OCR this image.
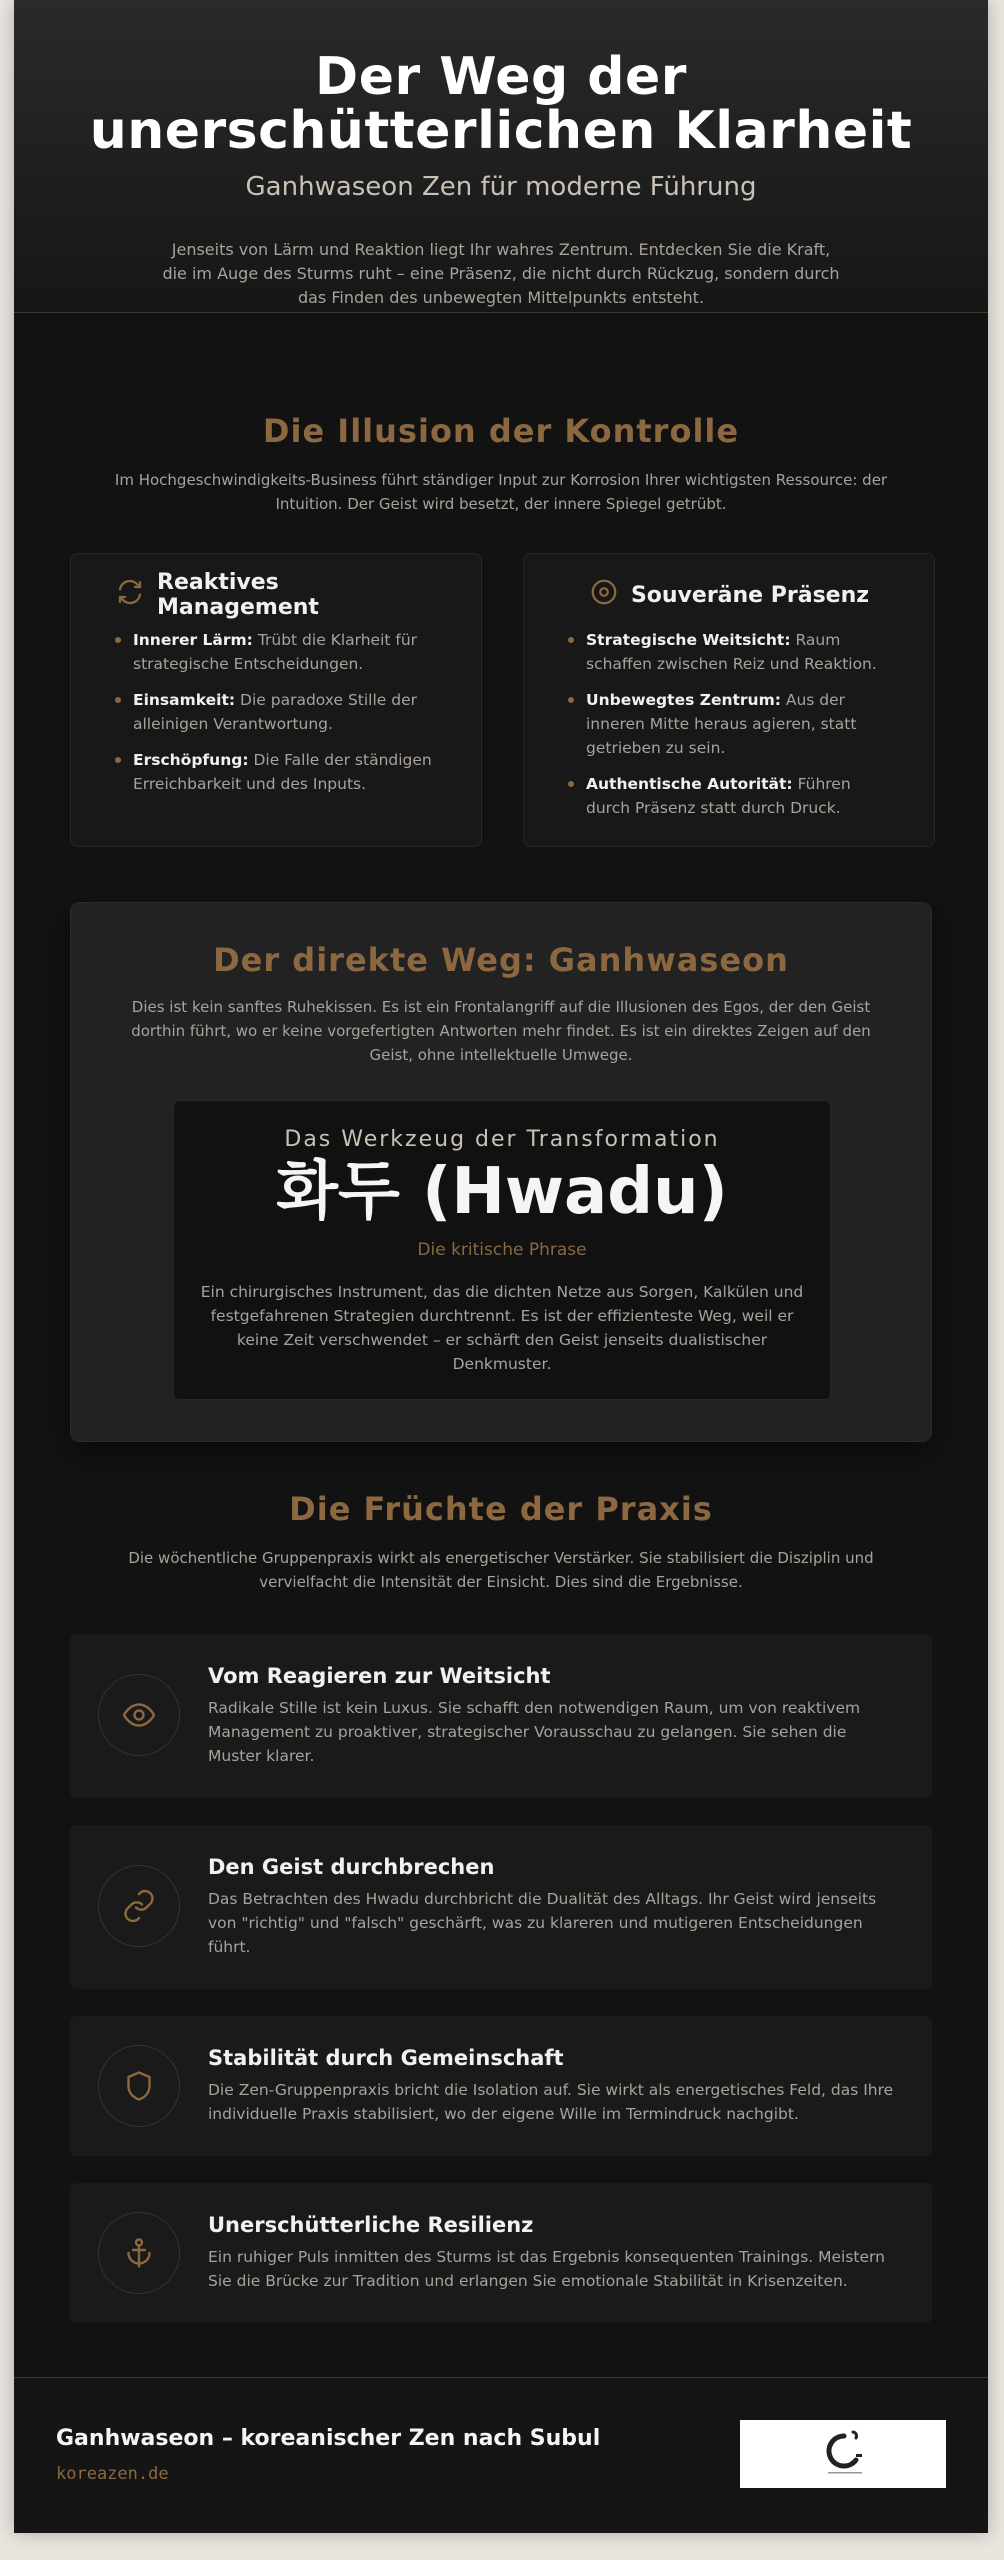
Der Weg der
unerschütterlichen Klarheit
Ganhwaseon Zen für moderne Führung

Jenseits von Lärm und Reaktion liegt Ihr wahres Zentrum. Entdecken Sie die Kraft, die im Auge des Sturms ruht – eine Präsenz, die nicht durch Rückzug, sondern durch das Finden des unbewegten Mittelpunkts entsteht.

Die Illusion der Kontrolle

Im Hochgeschwindigkeits-Business führt ständiger Input zur Korrosion Ihrer wichtigsten Ressource: der Intuition. Der Geist wird besetzt, der innere Spiegel getrübt.

Reaktives Management
Innerer Lärm: Trübt die Klarheit für strategische Entscheidungen.
Einsamkeit: Die paradoxe Stille der alleinigen Verantwortung.
Erschöpfung: Die Falle der ständigen Erreichbarkeit und des Inputs.
Souveräne Präsenz
Strategische Weitsicht: Raum schaffen zwischen Reiz und Reaktion.
Unbewegtes Zentrum: Aus der inneren Mitte heraus agieren, statt getrieben zu sein.
Authentische Autorität: Führen durch Präsenz statt durch Druck.
Der direkte Weg: Ganhwaseon

Dies ist kein sanftes Ruhekissen. Es ist ein Frontalangriff auf die Illusionen des Egos, der den Geist dorthin führt, wo er keine vorgefertigten Antworten mehr findet. Es ist ein direktes Zeigen auf den Geist, ohne intellektuelle Umwege.

Das Werkzeug der Transformation
화두 (Hwadu)
Die kritische Phrase

Ein chirurgisches Instrument, das die dichten Netze aus Sorgen, Kalkülen und festgefahrenen Strategien durchtrennt. Es ist der effizienteste Weg, weil er keine Zeit verschwendet – er schärft den Geist jenseits dualistischer Denkmuster.

Die Früchte der Praxis

Die wöchentliche Gruppenpraxis wirkt als energetischer Verstärker. Sie stabilisiert die Disziplin und vervielfacht die Intensität der Einsicht. Dies sind die Ergebnisse.

Vom Reagieren zur Weitsicht

Radikale Stille ist kein Luxus. Sie schafft den notwendigen Raum, um von reaktivem Management zu proaktiver, strategischer Vorausschau zu gelangen. Sie sehen die Muster klarer.

Den Geist durchbrechen

Das Betrachten des Hwadu durchbricht die Dualität des Alltags. Ihr Geist wird jenseits von "richtig" und "falsch" geschärft, was zu klareren und mutigeren Entscheidungen führt.

Stabilität durch Gemeinschaft

Die Zen-Gruppenpraxis bricht die Isolation auf. Sie wirkt als energetisches Feld, das Ihre individuelle Praxis stabilisiert, wo der eigene Wille im Termindruck nachgibt.

Unerschütterliche Resilienz

Ein ruhiger Puls inmitten des Sturms ist das Ergebnis konsequenten Trainings. Meistern Sie die Brücke zur Tradition und erlangen Sie emotionale Stabilität in Krisenzeiten.

Ganhwaseon – koreanischer Zen nach Subul
koreazen.de
